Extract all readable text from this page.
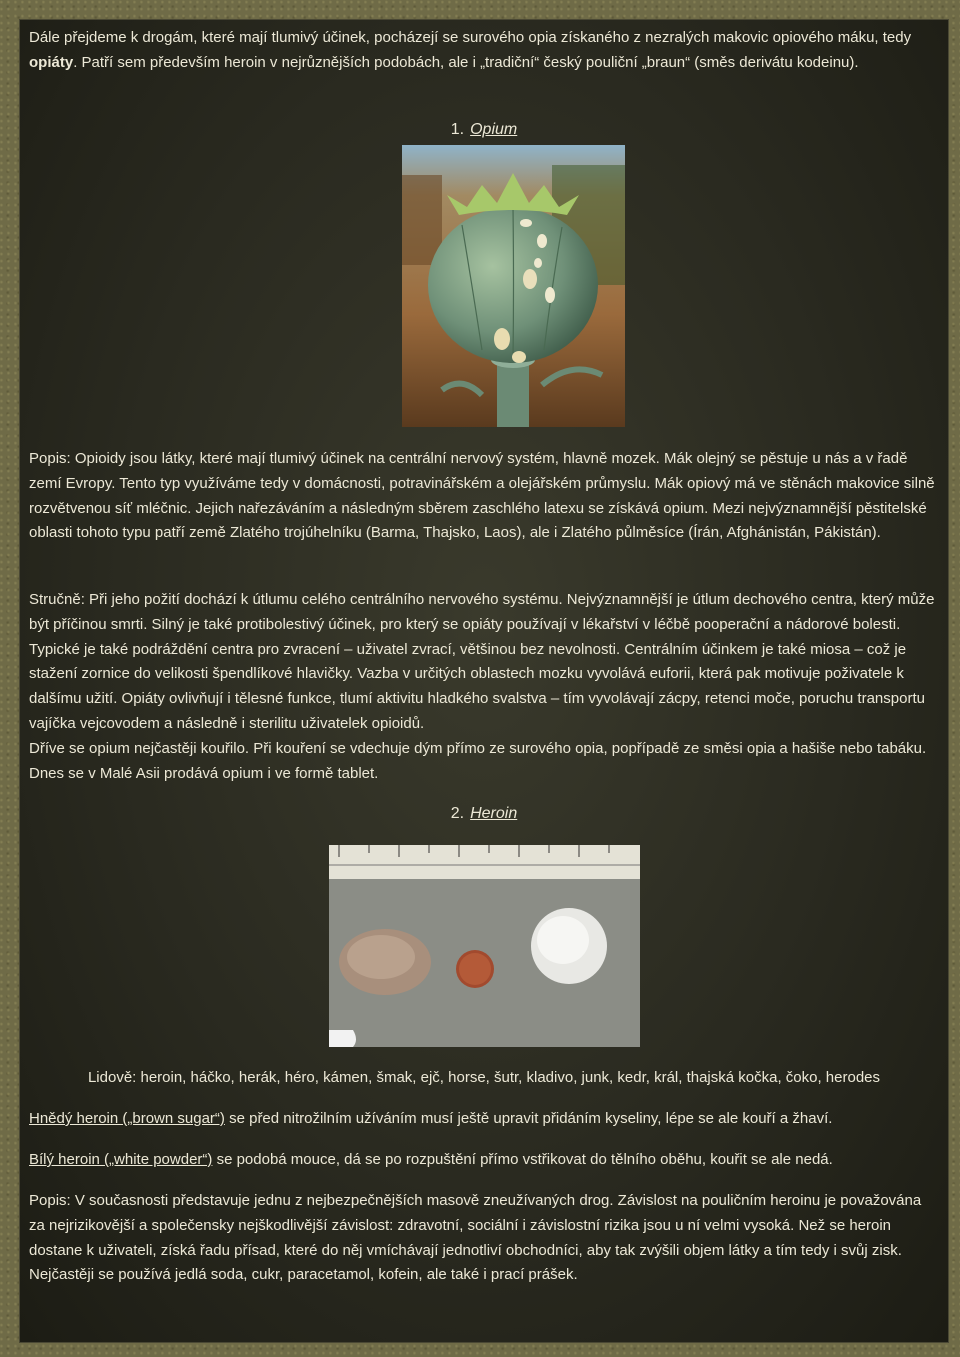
Dále přejdeme k drogám, které mají tlumivý účinek, pocházejí se surového opia získaného z nezralých makovic opiového máku, tedy opiáty. Patří sem především heroin v nejrůznějších podobách, ale i „tradiční“ český pouliční „braun“ (směs derivátu kodeinu).

1. Opium

Popis: Opioidy jsou látky, které mají tlumivý účinek na centrální nervový systém, hlavně mozek. Mák olejný se pěstuje u nás a v řadě zemí Evropy. Tento typ využíváme tedy v domácnosti, potravinářském a olejářském průmyslu. Mák opiový má ve stěnách makovice silně rozvětvenou síť mléčnic. Jejich nařezáváním a následným sběrem zaschlého latexu se získává opium. Mezi nejvýznamnější pěstitelské oblasti tohoto typu patří země Zlatého trojúhelníku (Barma, Thajsko, Laos), ale i Zlatého půlměsíce (Írán, Afghánistán, Pákistán).

Stručně: Při jeho požití dochází k útlumu celého centrálního nervového systému. Nejvýznamnější je útlum dechového centra, který může být příčinou smrti. Silný je také protibolestivý účinek, pro který se opiáty používají v lékařství v léčbě pooperační a nádorové bolesti. Typické je také podráždění centra pro zvracení – uživatel zvrací, většinou bez nevolnosti. Centrálním účinkem je také miosa – což je stažení zornice do velikosti špendlíkové hlavičky. Vazba v určitých oblastech mozku vyvolává euforii, která pak motivuje poživatele k dalšímu užití. Opiáty ovlivňují i tělesné funkce, tlumí aktivitu hladkého svalstva – tím vyvolávají zácpy, retenci moče, poruchu transportu vajíčka vejcovodem a následně i sterilitu uživatelek opioidů.

Dříve se opium nejčastěji kouřilo. Při kouření se vdechuje dým přímo ze surového opia, popřípadě ze směsi opia a hašiše nebo tabáku. Dnes se v Malé Asii prodává opium i ve formě tablet.

2. Heroin

Lidově: heroin, háčko, herák, héro, kámen, šmak, ejč, horse, šutr, kladivo, junk, kedr, král, thajská kočka, čoko, herodes

Hnědý heroin („brown sugar“) se před nitrožilním užíváním musí ještě upravit přidáním kyseliny, lépe se ale kouří a žhaví.

Bílý heroin („white powder“) se podobá mouce, dá se po rozpuštění přímo vstřikovat do tělního oběhu, kouřit se ale nedá.

Popis: V současnosti představuje jednu z nejbezpečnějších masově zneužívaných drog. Závislost na pouličním heroinu je považována za nejrizikovější a společensky nejškodlivější závislost: zdravotní, sociální i závislostní rizika jsou u ní velmi vysoká. Než se heroin dostane k uživateli, získá řadu přísad, které do něj vmíchávají jednotliví obchodníci, aby tak zvýšili objem látky a tím tedy i svůj zisk. Nejčastěji se používá jedlá soda, cukr, paracetamol, kofein, ale také i prací prášek.
